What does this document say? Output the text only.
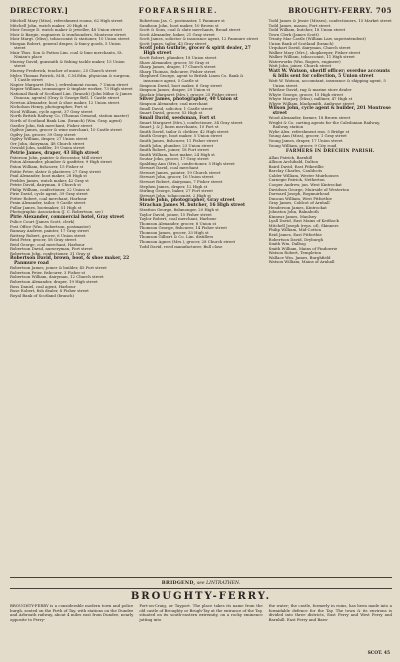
DIRECTORY.]	FORFARSHIRE.	BROUGHTY-FERRY. 705

Mitchell Mary (Miss), refreshment rooms, 62 High street

Mitchell John, watch maker, 20 High st

Moir George D. watch maker & jeweller, 48 Union street

Moir & Bargie, engineers & ironfounders, Montrose street

Moir Margt. (Miss), tobacconist & stationer, 10 Union street

Morgan Robert, general draper, & fancy goods, 5 Union street

Muir Thos. Son & Patton Lim. coal & lime merchants, St. Ninian's place

Murray David, gunsmith & fishing tackle maker, 15 Union street

Murray Frederick, teacher of music, 25 Church street

Myles Thomas Patrick, M.B., C.M.Edin. physician & surgeon, 1 Castle street

Napier Margaret (Mrs.), refreshment rooms, 7 Union street

Napier William, ironmonger & tinplate worker, 73 High street

National Bank of Scotland Lim. (branch) (John Milne & James Duncan, agents) (Gray & George Bell, 1 Castle street

Newton Alexander, boot & shoe maker, 12 Union street

Nicholson Henry, photographer, Fort st

Nicol William, cycle agent, 37 Gray street

North British Railway Co. (Thomas Ormond, station master)

North of Scotland Bank Lim. (branch) (Wm. Gray, agent)

Oastler John, fish merchant, Fisher street

Ogilvie James, grocer & wine merchant, 10 Castle street

Ogilvy Jas. grocer, 39 Gray street

Ogilvy William, draper, 27 Union street

Orr John, dairyman, 48 Church street

Oswald John, saddler, 19 Union street

Petrie James, draper, 43 High street

Paterson John, painter & decorator, Mill street

Paton Alexander, plumber & gasfitter, 9 High street

Paton William, fishcurer, 15 Fisher st

Pattie Peter, slater & plasterer, 27 Gray street

Paul Alexander, boot maker, 28 High st

Peebles James, watch maker, 42 Gray st

Petrie David, dairyman, 8 Church st

Philip William, confectioner, 22 Union st

Pirie David, cycle agent, 39 Gray street

Potter Robert, coal merchant, Harbour

Prain Alexander, tailor, 9 Castle street

Pullar James, bootmaker, 51 High st

Photographic Association (J. C. Robertson, sec)

Pirie Alexander, commercial hotel, Gray street

Police Court (James Scott, clerk)

Post Office (Wm. Robertson, postmaster)

Ramsay Andrew, painter, 17 Gray street

Rattray Robert, grocer, 6 Union street

Reid Peter, grocer, 58 Gray street

Reid George, coal merchant, Harbour

Robertson David, nurseryman, Fort street

Robertson John, confectioner, 31 Gray st

Robertson David, brown, boot, & shoe maker, 22 Panmure road

Robertson James, joiner & builder, 45 Fort street

Robertson Peter, fishcurer, 3 Fisher st

Robertson William, dairyman, 12 Church street

Robertson Alexander, draper, 19 High street

Ross Daniel, coal agent, Harbour

Rose Robert, fish dealer, 8 Fisher street

Royal Bank of Scotland (branch)

Robertson Jas. C. postmaster, 1 Panmure st

Sandison John, boot maker, 10 Brown st

Scott & Sons, coal & slate merchants, Broad street

Scott Alexander, baker, 21 Gray street

Scott James, solicitor & insurance agent, 12 Panmure street

Scott James, tailor, 43 Gray street

Scott John Guthrie, grocer & spirit dealer, 27 High street

Scott Robert, plumber, 18 Union street

Shaw Alexander, grocer, 50 Gray st

Sharp James, draper, 17 Church street

Sharp Thomas, fishcurer, Fisher street

Shepherd George, agent to British Linen Co. Bank & insurance agent, 5 Castle st

Simpson David, boot maker, 6 Gray street

Simpson James, draper, 29 Union st

Sinclair Margaret (Mrs.), grocer, 25 Fisher street

Silver James, photographer, 40 Union st

Simpson Alexander, coal merchant

Small David, solicitor, 1 Castle street

Smart David, grocer, 53 High st

Small David, seedsman, Fort st

Smart Margaret (Mrs.), confectioner, 34 Gray street

Smart J. & J. linen merchants, 10 Fort st

Smith David, tailor & clothier, 42 High street

Smith George, boot maker, 5 Union street

Smith James, fishcurer, 11 Fisher street

Smith John, plumber, 23 Union street

Smith Robert, joiner, 18 Fort street

Smith William, boot maker, 24 High st

Soutar John, grocer, 17 Gray street

Spalding Ann (Mrs.), confectioner, 5 High street

Stewart David, coal merchant

Stewart James, painter, 19 Church street

Stewart John, grocer, 16 Union street

Stewart Robert, dairyman, 7 Fisher street

Stephen James, draper, 12 High st

Stirling George, baker, 27 Fort street

Stewart John, tobacconist, 2 High st

Stoole John, photographer, Gray street

Strachan James M. butcher, 16 High street

Stratton George, fishmonger, 20 High st

Taylor David, joiner, 15 Fisher street

Taylor Robert, coal merchant, Harbour

Thomson Alexander, grocer, 8 Union st

Thomson George, fishcurer, 14 Fisher street

Thomson James, grocer, 33 High st

Thomson Gilbert & Co. Lim. distillers

Thomson Agnes (Mrs.), grocer, 28 Church street

Todd David, reed manufacturer, Bull close

Todd James & Jessie (Misses), confectioners, 15 Market street

Todd James, mason, Fort street

Todd William, butcher, 18 Union street

Town Clerk (James Scott)

Trinity Mar Castle (William Law, superintendent)

Union Bank of Scotland (branch)

Urquhart David, dairyman, Church street

Walker Mary (Mrs.), shopkeeper, Fisher street

Walker William, tobacconist, 11 High street

Waterworks (Wm. Rogers, engineer)

Watt John, joiner, Church street

Watt W. Watson, sheriff officer; overdue accounts & bills sent for collection, 5 Union street

Watt W. Watson, accountant, insurance & shipping agent, 5 Union street

Whitlaw David, rag & marine store dealer

Whyte George, grocer, 15 High street

Whyte Marjory (Miss), milliner, 47 High st

Whyte William, blacksmith, Ambrose street

Wilson John, cycle agent & builder, 201 Montrose street

Wood Alexander, farmer, 18 Brown street

Wright & Co. carting agents for the Caledonian Railway, Railway station

Wylie Alex. refreshment rms. 5 Bridge st

Young Ann (Miss), grocer, 1 Gray street

Young James, draper, 17 Union street

Young William, grocer, 9 City road

FARMERS IN DRECHIN PARISH.

Allan Patrick, Barnhill

Allison Archibald, Dalton

Baird David, East Pitkerillie

Barclay Charles, Cauldcots

Calder William, Wester Muirhouses

Carnegie Patrick, Netherton

Cooper Andrew, jun. West Kintrockat

Davidson George, Muirside of Westerton

Dorward Joseph, Bogmuirhead

Duncan William, West Pitforthie

Gray James, Coldcot of Arnhall

Henderson James, Kintrockat

Johnston John, Balnaboth

Kinnear James, Maulsey

Lyall David, East Mains of Keithock

Mitchell Joseph (reps. of), Skinners

Philip William, Mid-Cotton

Reid James, East Pitforthie

Robertson David, Dryburgh

Smith Wm. Dalbog

Smith William, Mains of Findowrie

Watson Robert, Templeton

Wallace Wm. James, Burghfield

Watson William, Mains of Arnhall

BRIDGEND, see LINTRATHEN.
BROUGHTY-FERRY.

BROUGHTY-FERRY is a considerable modern town and police burgh, seated on the Firth of Tay, with stations on the Dundee and Arbroath railway, about 4 miles east from Dundee, nearly opposite to Ferry-

Port-on-Craig, or Tayport. The place takes its name from the old castle of Broughty or Brugh-Tay at the entrance of the Tay, situated on its south-eastern extremity, on a rocky eminence jutting into

the water; the castle, formerly in ruins, has been made into a formidable defence for the Tay. The town & its environs is divided into three districts, East Ferry and West Ferry and Barnhill. East Ferry and Barn-

SCOT. 45
